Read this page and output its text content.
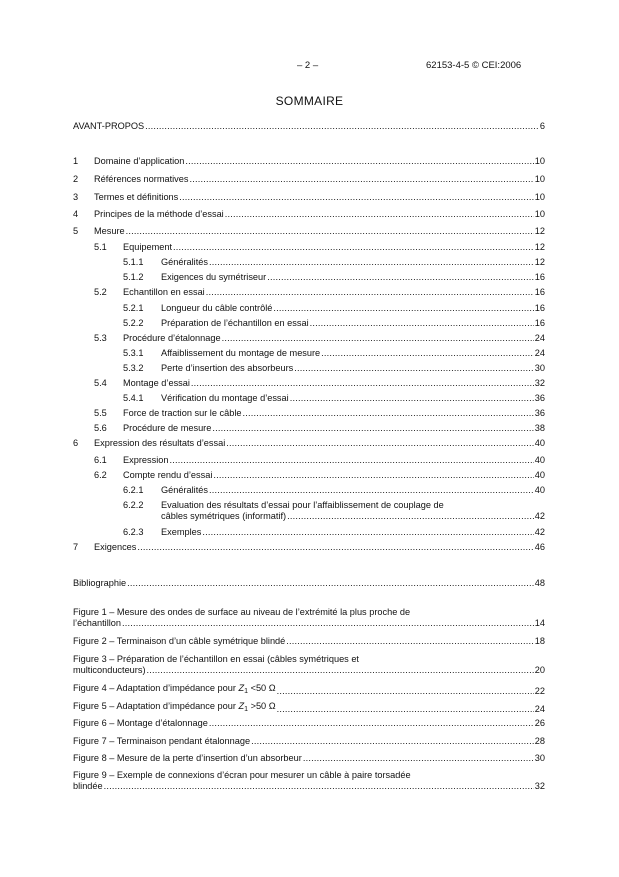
– 2 –	62153-4-5 © CEI:2006
SOMMAIRE
AVANT-PROPOS .....	6
1 Domaine d’application .....	10
2 Références normatives .....	10
3 Termes et définitions .....	10
4 Principes de la méthode d’essai .....	10
5 Mesure .....	12
5.1 Equipement .....	12
5.1.1 Généralités .....	12
5.1.2 Exigences du symétriseur .....	16
5.2 Echantillon en essai .....	16
5.2.1 Longueur du câble contrôlé .....	16
5.2.2 Préparation de l’échantillon en essai .....	16
5.3 Procédure d’étalonnage .....	24
5.3.1 Affaiblissement du montage de mesure .....	24
5.3.2 Perte d’insertion des absorbeurs .....	30
5.4 Montage d’essai .....	32
5.4.1 Vérification du montage d’essai .....	36
5.5 Force de traction sur le câble .....	36
5.6 Procédure de mesure .....	38
6 Expression des résultats d’essai .....	40
6.1 Expression .....	40
6.2 Compte rendu d’essai .....	40
6.2.1 Généralités .....	40
6.2.2 Evaluation des résultats d’essai pour l’affaiblissement de couplage de
câbles symétriques (informatif) .....	42
6.2.3 Exemples .....	42
7 Exigences .....	46
Bibliographie .....	48
Figure 1 – Mesure des ondes de surface au niveau de l’extrémité la plus proche de
l’échantillon .....	14
Figure 2 – Terminaison d’un câble symétrique blindé .....	18
Figure 3 – Préparation de l’échantillon en essai (câbles symétriques et
multiconducteurs) .....	20
Figure 4 – Adaptation d’impédance pour $Z_1 <50$ Ω .....	22
Figure 5 – Adaptation d’impédance pour $Z_1 >50$ Ω .....	24
Figure 6 – Montage d’étalonnage .....	26
Figure 7 – Terminaison pendant étalonnage .....	28
Figure 8 – Mesure de la perte d’insertion d’un absorbeur .....	30
Figure 9 – Exemple de connexions d’écran pour mesurer un câble à paire torsadée
blindée .....	32
